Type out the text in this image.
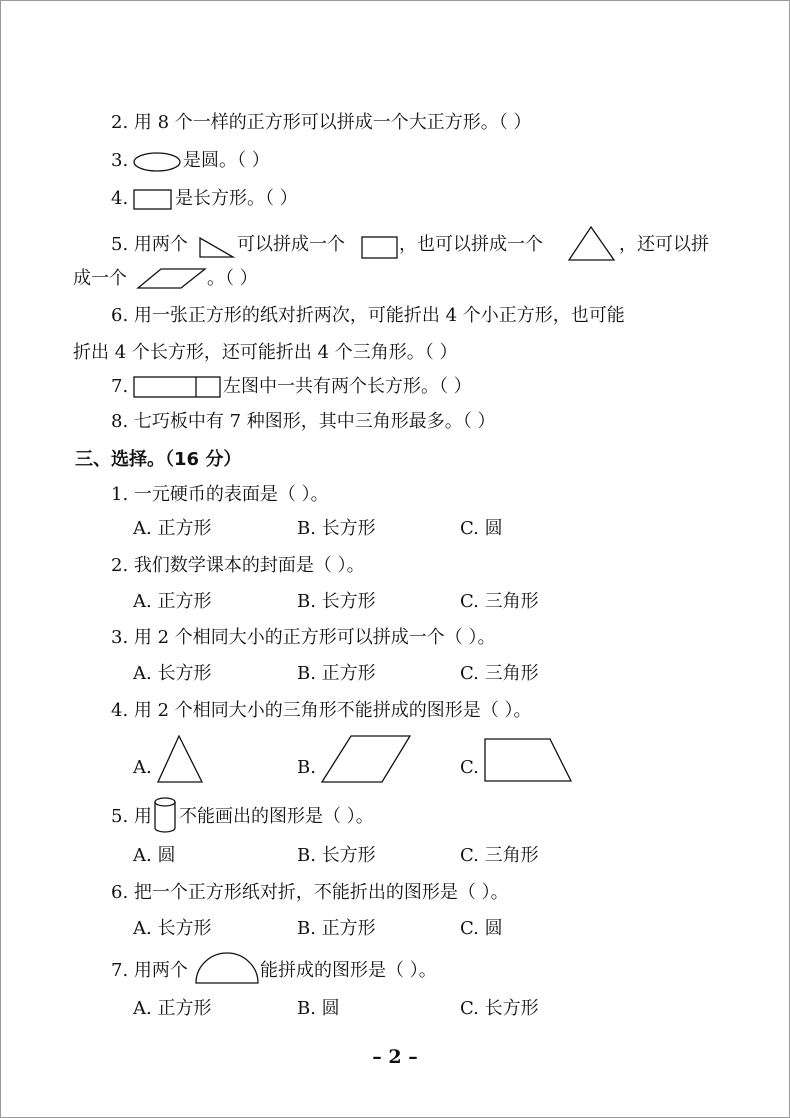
2. 用 8 个一样的正方形可以拼成一个大正方形。（ ）
3.	是圆。（ ）
4.	是长方形。（ ）
5. 用两个	可以拼成一个	，也可以拼成一个	，还可以拼
成一个	。（ ）
6. 用一张正方形的纸对折两次，可能折出 4 个小正方形，也可能
折出 4 个长方形，还可能折出 4 个三角形。（ ）
7.	左图中一共有两个长方形。（ ）
8. 七巧板中有 7 种图形，其中三角形最多。（ ）
三、选择。（16 分）
1. 一元硬币的表面是（ ）。
A. 正方形	B. 长方形	C. 圆
2. 我们数学课本的封面是（ ）。
A. 正方形	B. 长方形	C. 三角形
3. 用 2 个相同大小的正方形可以拼成一个（ ）。
A. 长方形	B. 正方形	C. 三角形
4. 用 2 个相同大小的三角形不能拼成的图形是（ ）。
A.	B.	C.
5. 用 不能画出的图形是（ ）。
A. 圆	B. 长方形	C. 三角形
6. 把一个正方形纸对折，不能折出的图形是（ ）。
A. 长方形	B. 正方形	C. 圆
7. 用两个	能拼成的图形是（ ）。
A. 正方形	B. 圆	C. 长方形
– 2 –
